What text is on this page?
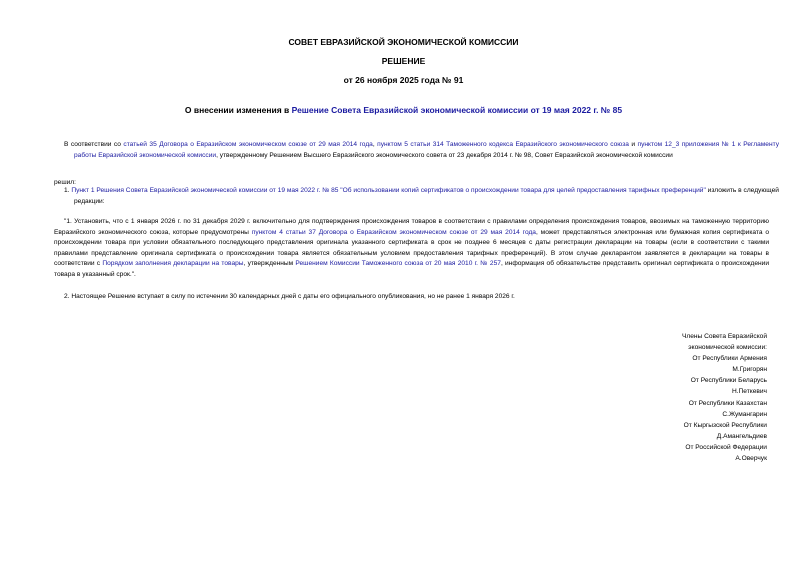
СОВЕТ ЕВРАЗИЙСКОЙ ЭКОНОМИЧЕСКОЙ КОМИССИИ
РЕШЕНИЕ
от 26 ноября 2025 года № 91
О внесении изменения в Решение Совета Евразийской экономической комиссии от 19 мая 2022 г. № 85
В соответствии со статьей 35 Договора о Евразийском экономическом союзе от 29 мая 2014 года, пунктом 5 статьи 314 Таможенного кодекса Евразийского экономического союза и пунктом 12_3 приложения № 1 к Регламенту работы Евразийской экономической комиссии, утвержденному Решением Высшего Евразийского экономического совета от 23 декабря 2014 г. № 98, Совет Евразийской экономической комиссии
решил:
1. Пункт 1 Решения Совета Евразийской экономической комиссии от 19 мая 2022 г. № 85 "Об использовании копий сертификатов о происхождении товара для целей предоставления тарифных преференций" изложить в следующей редакции:
"1. Установить, что с 1 января 2026 г. по 31 декабря 2029 г. включительно для подтверждения происхождения товаров в соответствии с правилами определения происхождения товаров, ввозимых на таможенную территорию Евразийского экономического союза, которые предусмотрены пунктом 4 статьи 37 Договора о Евразийском экономическом союзе от 29 мая 2014 года, может представляться электронная или бумажная копия сертификата о происхождении товара при условии обязательного последующего представления оригинала указанного сертификата в срок не позднее 6 месяцев с даты регистрации декларации на товары (если в соответствии с такими правилами представление оригинала сертификата о происхождении товара является обязательным условием предоставления тарифных преференций). В этом случае декларантом заявляется в декларации на товары в соответствии с Порядком заполнения декларации на товары, утвержденным Решением Комиссии Таможенного союза от 20 мая 2010 г. № 257, информация об обязательстве представить оригинал сертификата о происхождении товара в указанный срок.".
2. Настоящее Решение вступает в силу по истечении 30 календарных дней с даты его официального опубликования, но не ранее 1 января 2026 г.
Члены Совета Евразийской
экономической комиссии:
От Республики Армения
М.Григорян
От Республики Беларусь
Н.Петкевич
От Республики Казахстан
С.Жумангарин
От Кыргызской Республики
Д.Амангельдиев
От Российской Федерации
А.Оверчук
